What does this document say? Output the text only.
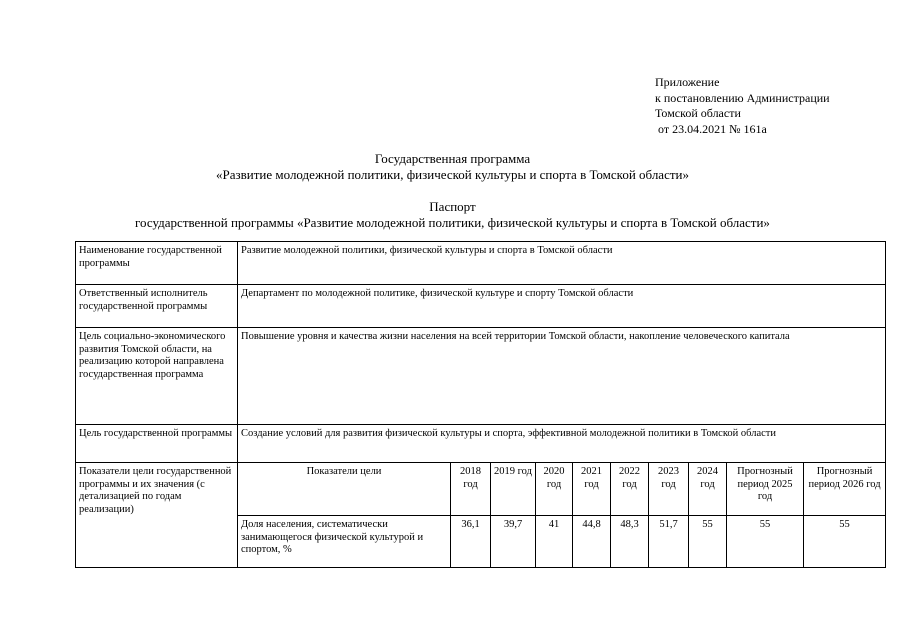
Приложение
к постановлению Администрации
Томской области
от 23.04.2021 № 161а
Государственная программа
«Развитие молодежной политики, физической культуры и спорта в Томской области»
Паспорт
государственной программы «Развитие молодежной политики, физической культуры и спорта в Томской области»
Наименование государственной программы	Развитие молодежной политики, физической культуры и спорта в Томской области									
Ответственный исполнитель государственной программы	Департамент по молодежной политике, физической культуре и спорту Томской области									
Цель социально-экономического развития Томской области, на реализацию которой направлена государственная программа	Повышение уровня и качества жизни населения на всей территории Томской области, накопление человеческого капитала									
Цель государственной программы	Создание условий для развития физической культуры и спорта, эффективной молодежной политики в Томской области									
Показатели цели государственной программы и их значения (с детализацией по годам реализации)	Показатели цели	2018 год	2019 год	2020 год	2021 год	2022 год	2023 год	2024 год	Прогнозный период 2025 год	Прогнозный период 2026 год
	Доля населения, систематически занимающегося физической культурой и спортом, %	36,1	39,7	41	44,8	48,3	51,7	55	55	55
